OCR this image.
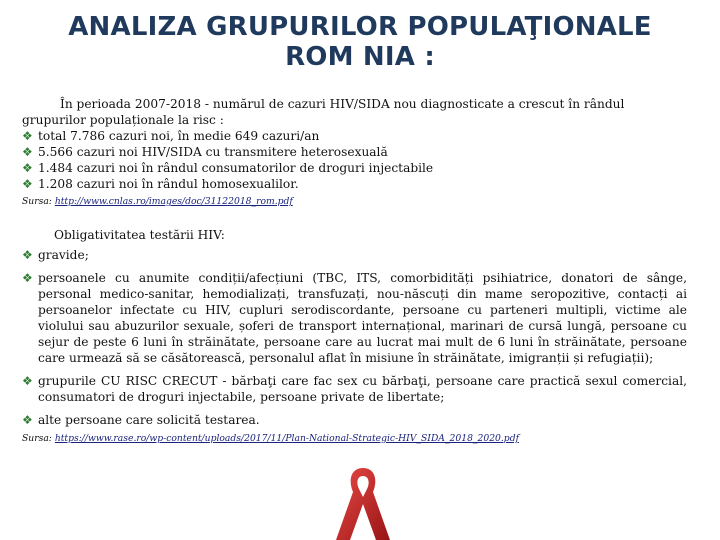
ANALIZA GRUPURILOR POPULAŢIONALE
ROM NIA :

În perioada 2007-2018 - numărul de cazuri HIV/SIDA nou diagnosticate a crescut în rândul grupurilor populaționale la risc :

❖ total 7.786 cazuri noi, în medie 649 cazuri/an
❖ 5.566 cazuri noi HIV/SIDA cu transmitere heterosexuală
❖ 1.484 cazuri noi în rândul consumatorilor de droguri injectabile
❖ 1.208 cazuri noi în rândul homosexualilor.

Sursa: http://www.cnlas.ro/images/doc/31122018_rom.pdf

Obligativitatea testării HIV:

❖ gravide;
❖ persoanele cu anumite condiții/afecțiuni (TBC, ITS, comorbidități psihiatrice, donatori de sânge, personal medico-sanitar, hemodializați, transfuzați, nou-născuți din mame seropozitive, contacți ai persoanelor infectate cu HIV, cupluri serodiscordante, persoane cu parteneri multipli, victime ale violului sau abuzurilor sexuale, șoferi de transport internațional, marinari de cursă lungă, persoane cu sejur de peste 6 luni în străinătate, persoane care au lucrat mai mult de 6 luni în străinătate, persoane care urmează să se căsătorească, personalul aflat în misiune în străinătate, imigranții și refugiații);
❖ grupurile CU RISC CRECUT - bărbaţi care fac sex cu bărbaţi, persoane care practică sexul comercial, consumatori de droguri injectabile, persoane private de libertate;
❖ alte persoane care solicită testarea.

Sursa: https://www.rase.ro/wp-content/uploads/2017/11/Plan-National-Strategic-HIV_SIDA_2018_2020.pdf
